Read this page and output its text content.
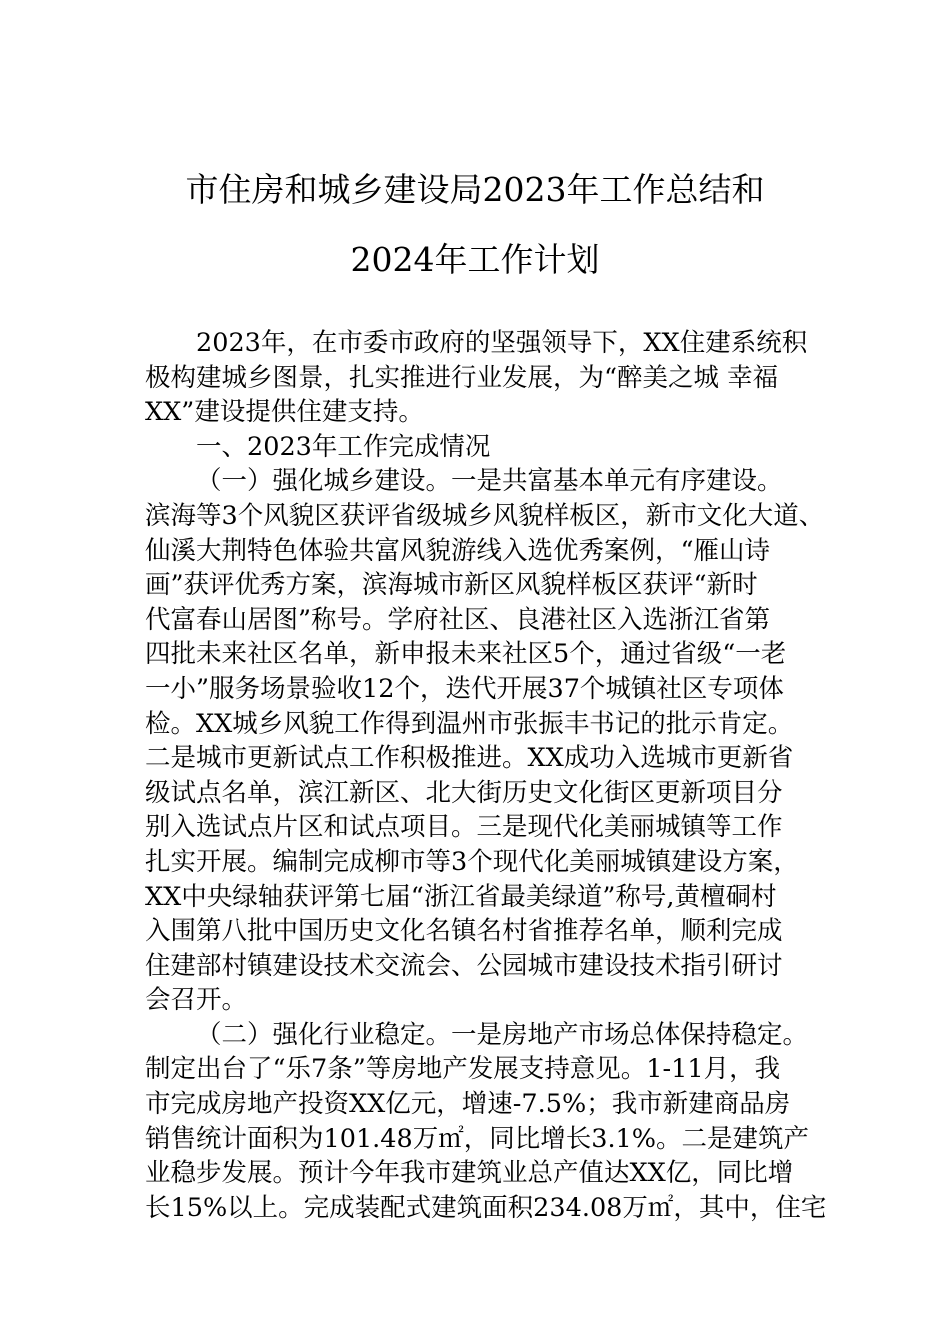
市住房和城乡建设局2023年工作总结和
2024年工作计划
2023年，在市委市政府的坚强领导下，XX住建系统积
极构建城乡图景，扎实推进行业发展，为“醉美之城 幸福
XX”建设提供住建支持。
一、2023年工作完成情况
（一）强化城乡建设。一是共富基本单元有序建设。
滨海等3个风貌区获评省级城乡风貌样板区，新市文化大道、
仙溪大荆特色体验共富风貌游线入选优秀案例，“雁山诗
画”获评优秀方案，滨海城市新区风貌样板区获评“新时
代富春山居图”称号。学府社区、良港社区入选浙江省第
四批未来社区名单，新申报未来社区5个，通过省级“一老
一小”服务场景验收12个，迭代开展37个城镇社区专项体
检。XX城乡风貌工作得到温州市张振丰书记的批示肯定。
二是城市更新试点工作积极推进。XX成功入选城市更新省
级试点名单，滨江新区、北大街历史文化街区更新项目分
别入选试点片区和试点项目。三是现代化美丽城镇等工作
扎实开展。编制完成柳市等3个现代化美丽城镇建设方案，
XX中央绿轴获评第七届“浙江省最美绿道”称号,黄檀硐村
入围第八批中国历史文化名镇名村省推荐名单，顺利完成
住建部村镇建设技术交流会、公园城市建设技术指引研讨
会召开。
（二）强化行业稳定。一是房地产市场总体保持稳定。
制定出台了“乐7条”等房地产发展支持意见。1-11月，我
市完成房地产投资XX亿元，增速-7.5%；我市新建商品房
销售统计面积为101.48万㎡，同比增长3.1%。二是建筑产
业稳步发展。预计今年我市建筑业总产值达XX亿，同比增
长15%以上。完成装配式建筑面积234.08万㎡，其中，住宅
